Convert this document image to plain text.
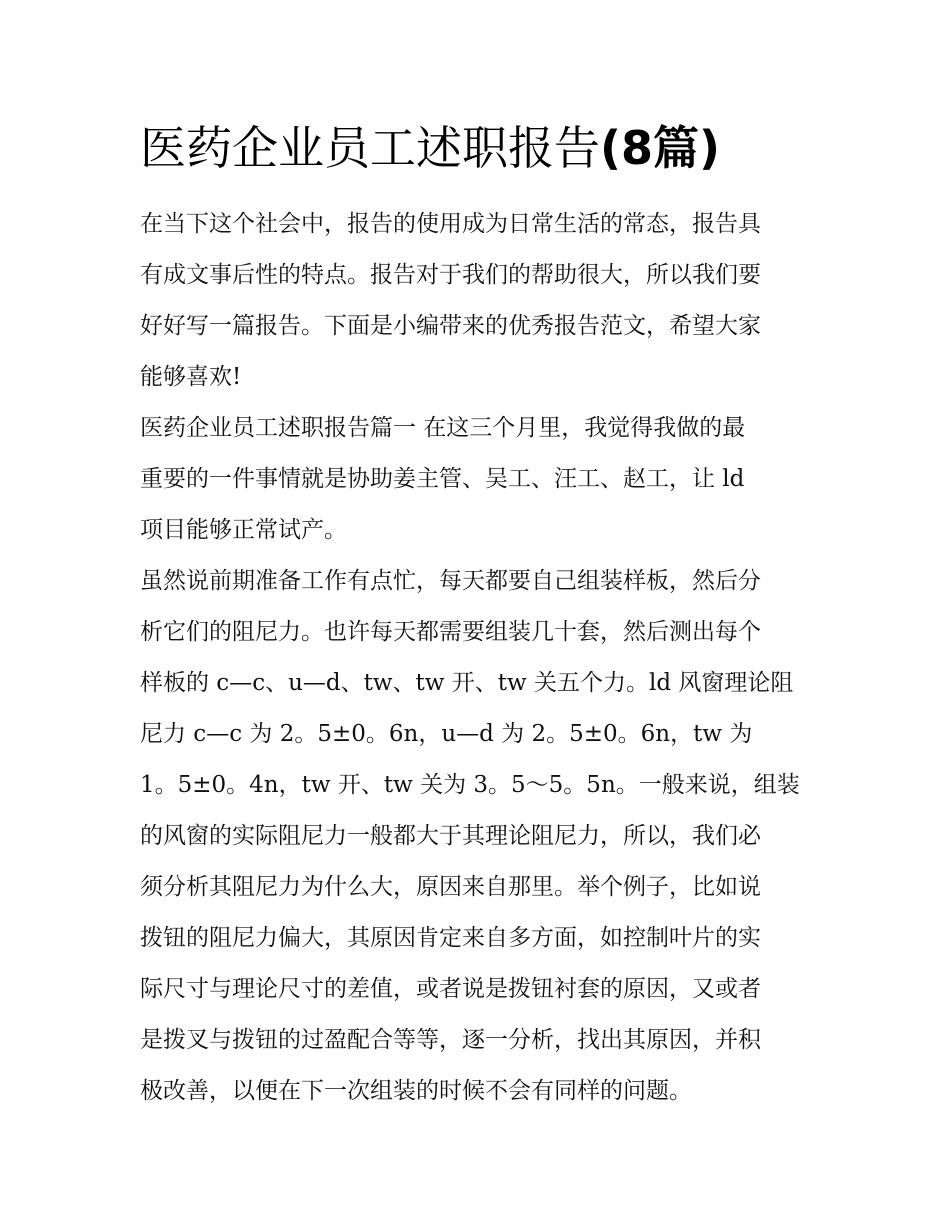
医药企业员工述职报告(8篇)
在当下这个社会中，报告的使用成为日常生活的常态，报告具
有成文事后性的特点。报告对于我们的帮助很大，所以我们要
好好写一篇报告。下面是小编带来的优秀报告范文，希望大家
能够喜欢!
医药企业员工述职报告篇一 在这三个月里，我觉得我做的最
重要的一件事情就是协助姜主管、吴工、汪工、赵工，让 ld
项目能够正常试产。
虽然说前期准备工作有点忙，每天都要自己组装样板，然后分
析它们的阻尼力。也许每天都需要组装几十套，然后测出每个
样板的 c—c、u—d、tw、tw 开、tw 关五个力。ld 风窗理论阻
尼力 c—c 为 2。5±0。6n，u—d 为 2。5±0。6n，tw 为
1。5±0。4n，tw 开、tw 关为 3。5～5。5n。一般来说，组装
的风窗的实际阻尼力一般都大于其理论阻尼力，所以，我们必
须分析其阻尼力为什么大，原因来自那里。举个例子，比如说
拨钮的阻尼力偏大，其原因肯定来自多方面，如控制叶片的实
际尺寸与理论尺寸的差值，或者说是拨钮衬套的原因，又或者
是拨叉与拨钮的过盈配合等等，逐一分析，找出其原因，并积
极改善，以便在下一次组装的时候不会有同样的问题。
